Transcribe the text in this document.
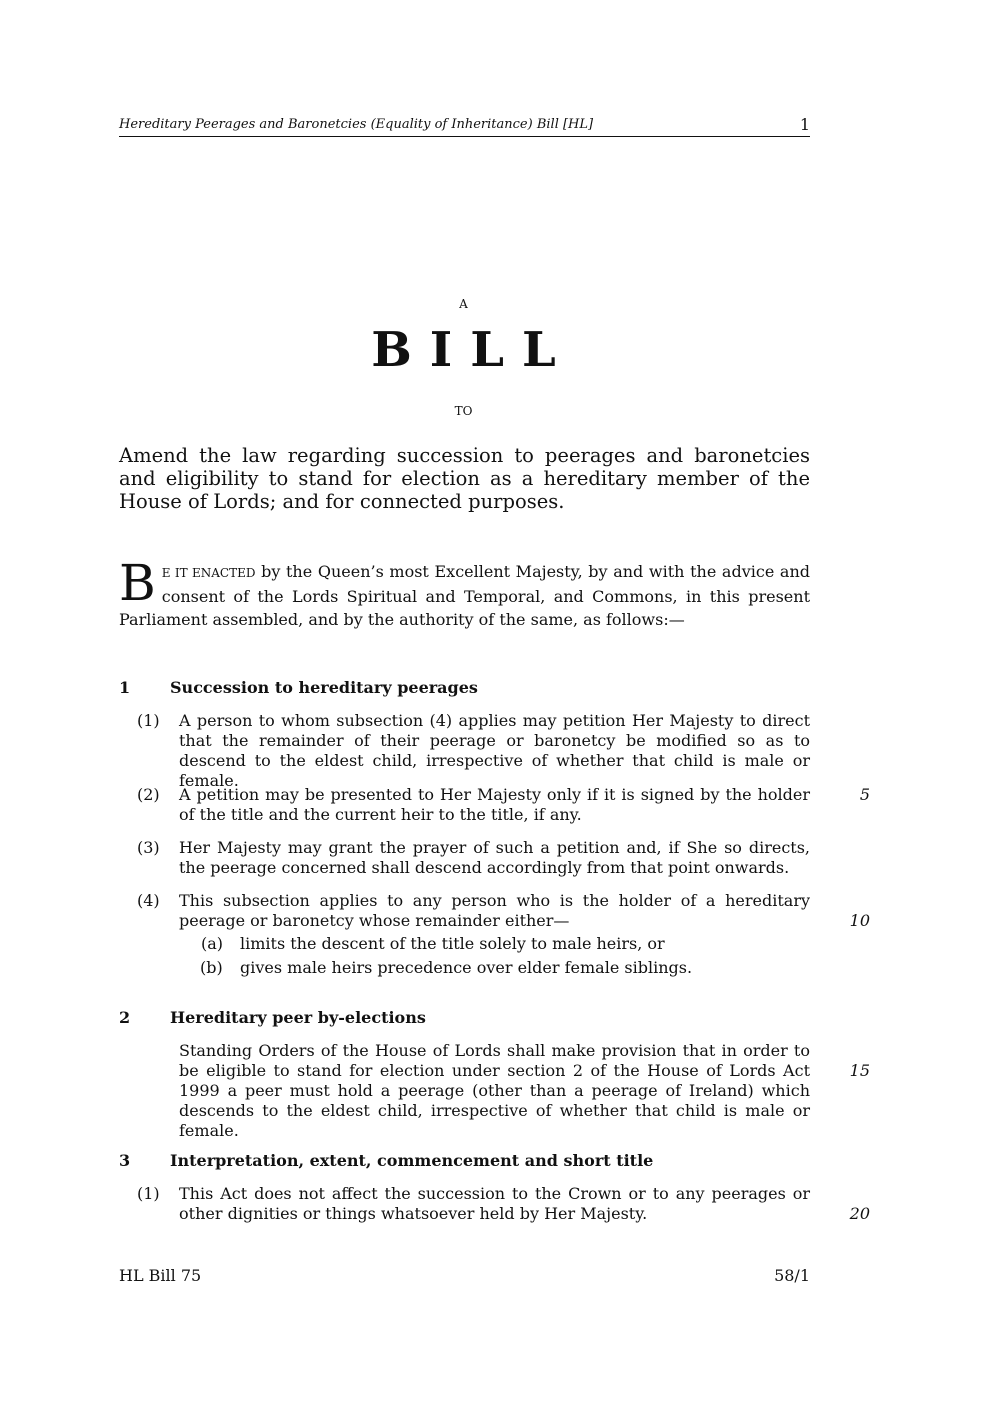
Hereditary Peerages and Baronetcies (Equality of Inheritance) Bill [HL]	1
A
BILL
TO
Amend the law regarding succession to peerages and baronetcies and eligibility to stand for election as a hereditary member of the House of Lords; and for connected purposes.
B E IT ENACTED by the Queen’s most Excellent Majesty, by and with the advice and consent of the Lords Spiritual and Temporal, and Commons, in this present Parliament assembled, and by the authority of the same, as follows:—
1 Succession to hereditary peerages
(1) A person to whom subsection (4) applies may petition Her Majesty to direct that the remainder of their peerage or baronetcy be modified so as to descend to the eldest child, irrespective of whether that child is male or female.
(2) A petition may be presented to Her Majesty only if it is signed by the holder of the title and the current heir to the title, if any.
5
(3) Her Majesty may grant the prayer of such a petition and, if She so directs, the peerage concerned shall descend accordingly from that point onwards.
(4) This subsection applies to any person who is the holder of a hereditary peerage or baronetcy whose remainder either—	10
(a) limits the descent of the title solely to male heirs, or
(b) gives male heirs precedence over elder female siblings.
2 Hereditary peer by-elections
Standing Orders of the House of Lords shall make provision that in order to be eligible to stand for election under section 2 of the House of Lords Act 1999 a peer must hold a peerage (other than a peerage of Ireland) which descends to the eldest child, irrespective of whether that child is male or female.
15
3 Interpretation, extent, commencement and short title
(1) This Act does not affect the succession to the Crown or to any peerages or other dignities or things whatsoever held by Her Majesty.	20
HL Bill 75	58/1
